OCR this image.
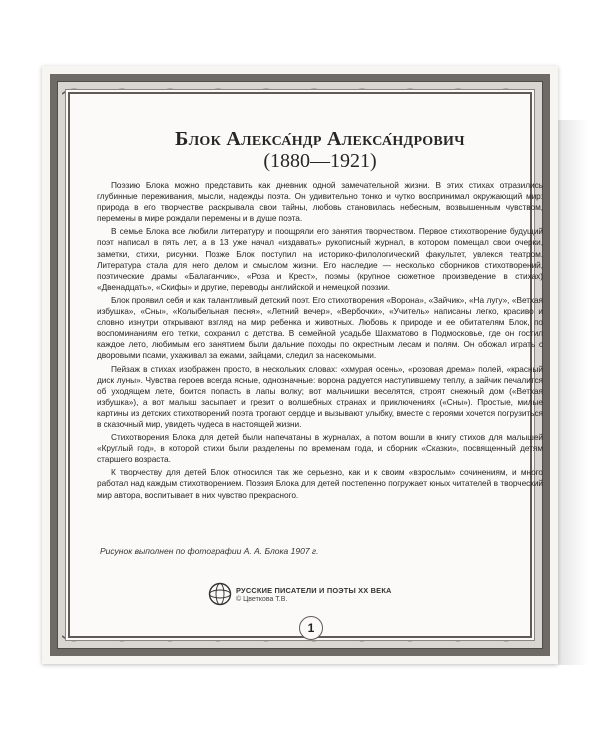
Блок Алекса́ндр Алекса́ндрович
(1880—1921)

Поэзию Блока можно представить как дневник одной замечательной жизни. В этих стихах отразились глубинные переживания, мысли, надежды поэта. Он удивительно тонко и чутко воспринимал окружающий мир: природа в его творчестве раскрывала свои тайны, любовь становилась небесным, возвышенным чувством, перемены в мире рождали перемены и в душе поэта.

В семье Блока все любили литературу и поощряли его занятия творчеством. Первое стихотворение будущий поэт написал в пять лет, а в 13 уже начал «издавать» рукописный журнал, в котором помещал свои очерки, заметки, стихи, рисунки. Позже Блок поступил на историко-филологический факультет, увлекся театром. Литература стала для него делом и смыслом жизни. Его наследие — несколько сборников стихотворений, поэтические драмы «Балаганчик», «Роза и Крест», поэмы (крупное сюжетное произведение в стихах) «Двенадцать», «Скифы» и другие, переводы английской и немецкой поэзии.

Блок проявил себя и как талантливый детский поэт. Его стихотворения «Ворона», «Зайчик», «На лугу», «Ветхая избушка», «Сны», «Колыбельная песня», «Летний вечер», «Вербочки», «Учитель» написаны легко, красиво и словно изнутри открывают взгляд на мир ребенка и животных. Любовь к природе и ее обитателям Блок, по воспоминаниям его тетки, сохранил с детства. В семейной усадьбе Шахматово в Подмосковье, где он гостил каждое лето, любимым его занятием были дальние походы по окрестным лесам и полям. Он обожал играть с дворовыми псами, ухаживал за ежами, зайцами, следил за насекомыми.

Пейзаж в стихах изображен просто, в нескольких словах: «хмурая осень», «розовая дрема» полей, «красный диск луны». Чувства героев всегда ясные, однозначные: ворона радуется наступившему теплу, а зайчик печалится об уходящем лете, боится попасть в лапы волку; вот мальчишки веселятся, строят снежный дом («Ветхая избушка»), а вот малыш засыпает и грезит о волшебных странах и приключениях («Сны»). Простые, милые картины из детских стихотворений поэта трогают сердце и вызывают улыбку, вместе с героями хочется погрузиться в сказочный мир, увидеть чудеса в настоящей жизни.

Стихотворения Блока для детей были напечатаны в журналах, а потом вошли в книгу стихов для малышей «Круглый год», в которой стихи были разделены по временам года, и сборник «Сказки», посвященный детям старшего возраста.

К творчеству для детей Блок относился так же серьезно, как и к своим «взрослым» сочинениям, и много работал над каждым стихотворением. Поэзия Блока для детей постепенно погружает юных читателей в творческий мир автора, воспитывает в них чувство прекрасного.

Рисунок выполнен по фотографии А. А. Блока 1907 г.
РУССКИЕ ПИСАТЕЛИ И ПОЭТЫ XX ВЕКА
© Цветкова Т.В.
1
